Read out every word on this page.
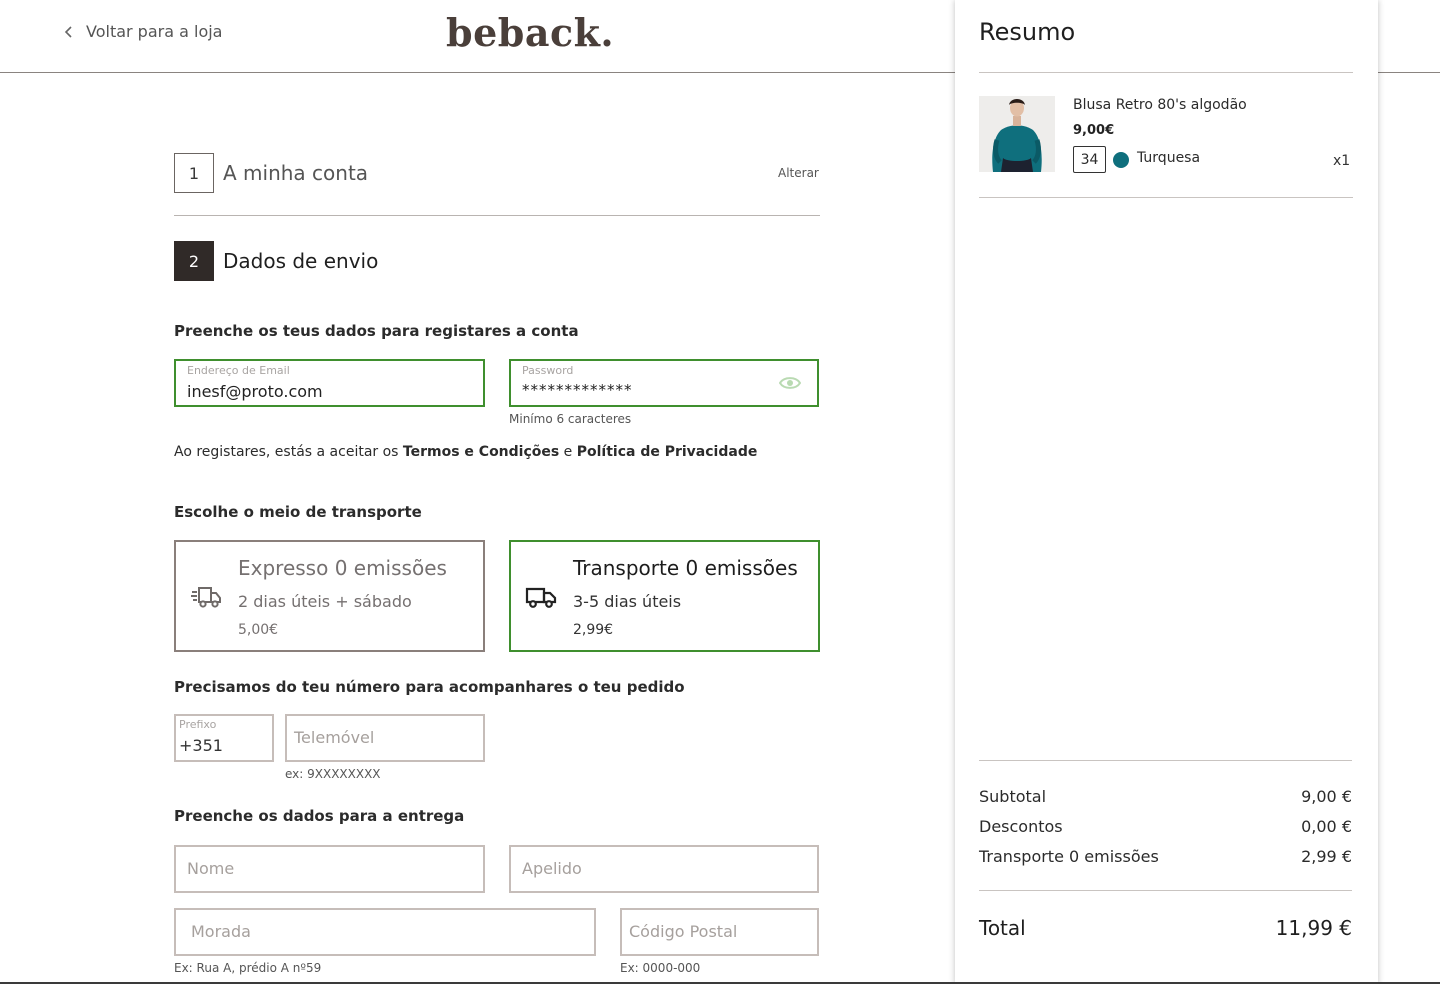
Voltar para a loja	beback.
1	A minha conta	Alterar
2	Dados de envio
Preenche os teus dados para registares a conta
Endereço de Email
inesf@proto.com
Password
*************
Minímo 6 caracteres
Ao registares, estás a aceitar os Termos e Condições e Política de Privacidade
Escolhe o meio de transporte
Expresso 0 emissões
2 dias úteis + sábado
5,00€
Transporte 0 emissões
3-5 dias úteis
2,99€
Precisamos do teu número para acompanhares o teu pedido
Prefixo
+351	Telemóvel
ex: 9XXXXXXXX
Preenche os dados para a entrega
Nome	Apelido
Morada
Ex: Rua A, prédio A nº59
Código Postal
Ex: 0000-000
Resumo
Blusa Retro 80's algodão
9,00€
34	Turquesa	x1
Subtotal	9,00 €
Descontos	0,00 €
Transporte 0 emissões	2,99 €
Total	11,99 €
